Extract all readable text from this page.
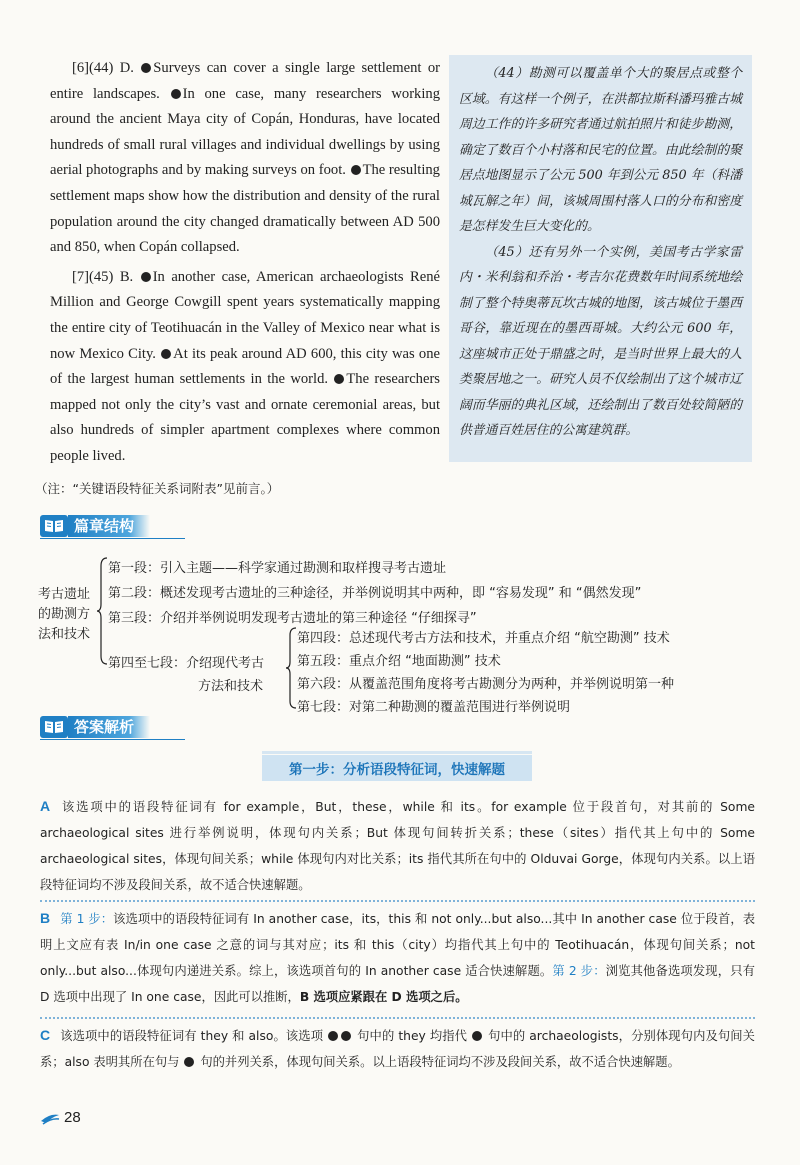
[6](44) D. Surveys can cover a single large settlement or entire landscapes. In one case, many researchers working around the ancient Maya city of Copán, Honduras, have located hundreds of small rural villages and individual dwellings by using aerial photographs and by making surveys on foot. The resulting settlement maps show how the distribution and density of the rural population around the city changed dramatically between AD 500 and 850, when Copán collapsed.

[7](45) B. In another case, American archaeologists René Million and George Cowgill spent years systematically mapping the entire city of Teotihuacán in the Valley of Mexico near what is now Mexico City. At its peak around AD 600, this city was one of the largest human settlements in the world. The researchers mapped not only the city’s vast and ornate ceremonial areas, but also hundreds of simpler apartment complexes where common people lived.

（44）勘测可以覆盖单个大的聚居点或整个区域。有这样一个例子，在洪都拉斯科潘玛雅古城周边工作的许多研究者通过航拍照片和徒步勘测，确定了数百个小村落和民宅的位置。由此绘制的聚居点地图显示了公元 500 年到公元 850 年（科潘城瓦解之年）间，该城周围村落人口的分布和密度是怎样发生巨大变化的。

（45）还有另外一个实例，美国考古学家雷内・米利翁和乔治・考吉尔花费数年时间系统地绘制了整个特奥蒂瓦坎古城的地图，该古城位于墨西哥谷，靠近现在的墨西哥城。大约公元 600 年，这座城市正处于鼎盛之时，是当时世界上最大的人类聚居地之一。研究人员不仅绘制出了这个城市辽阔而华丽的典礼区域，还绘制出了数百处较简陋的供普通百姓居住的公寓建筑群。

（注：“关键语段特征关系词附表”见前言。）
篇章结构
考古遗址
的勘测方
法和技术
第一段：引入主题——科学家通过勘测和取样搜寻考古遗址
第二段：概述发现考古遗址的三种途径，并举例说明其中两种，即 “容易发现” 和 “偶然发现”
第三段：介绍并举例说明发现考古遗址的第三种途径 “仔细探寻”
第四至七段：介绍现代考古
方法和技术
第四段：总述现代考古方法和技术，并重点介绍 “航空勘测” 技术
第五段：重点介绍 “地面勘测” 技术
第六段：从覆盖范围角度将考古勘测分为两种，并举例说明第一种
第七段：对第二种勘测的覆盖范围进行举例说明
答案解析
第一步：分析语段特征词，快速解题

A 该选项中的语段特征词有 for example，But，these，while 和 its。for example 位于段首句，对其前的 Some archaeological sites 进行举例说明，体现句内关系；But 体现句间转折关系；these（sites）指代其上句中的 Some archaeological sites，体现句间关系；while 体现句内对比关系；its 指代其所在句中的 Olduvai Gorge，体现句内关系。以上语段特征词均不涉及段间关系，故不适合快速解题。

B 第 1 步：该选项中的语段特征词有 In another case，its，this 和 not only...but also...其中 In another case 位于段首，表明上文应有表 In/in one case 之意的词与其对应；its 和 this（city）均指代其上句中的 Teotihuacán，体现句间关系；not only...but also...体现句内递进关系。综上，该选项首句的 In another case 适合快速解题。第 2 步：浏览其他备选项发现，只有 D 选项中出现了 In one case，因此可以推断，B 选项应紧跟在 D 选项之后。

C 该选项中的语段特征词有 they 和 also。该选项	句中的 they 均指代 句中的 archaeologists，分别体现句内及句间关系；also 表明其所在句与 句的并列关系，体现句间关系。以上语段特征词均不涉及段间关系，故不适合快速解题。

28
